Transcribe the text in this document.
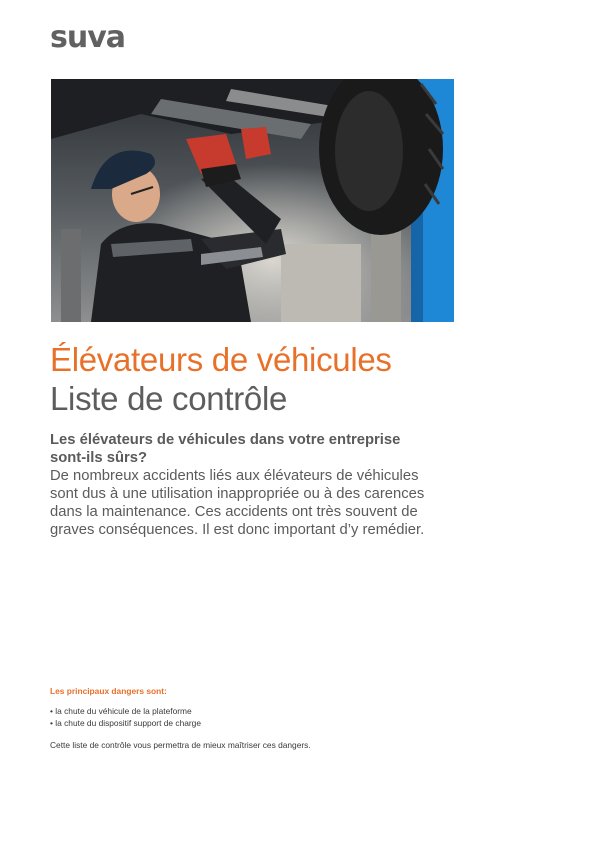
suva
Élévateurs de véhicules
Liste de contrôle
Les élévateurs de véhicules dans votre entreprise
sont-ils sûrs?
De nombreux accidents liés aux élévateurs de véhicules
sont dus à une utilisation inappropriée ou à des carences
dans la maintenance. Ces accidents ont très souvent de
graves conséquences. Il est donc important d’y remédier.
Les principaux dangers sont:
• la chute du véhicule de la plateforme
• la chute du dispositif support de charge
Cette liste de contrôle vous permettra de mieux maîtriser ces dangers.
